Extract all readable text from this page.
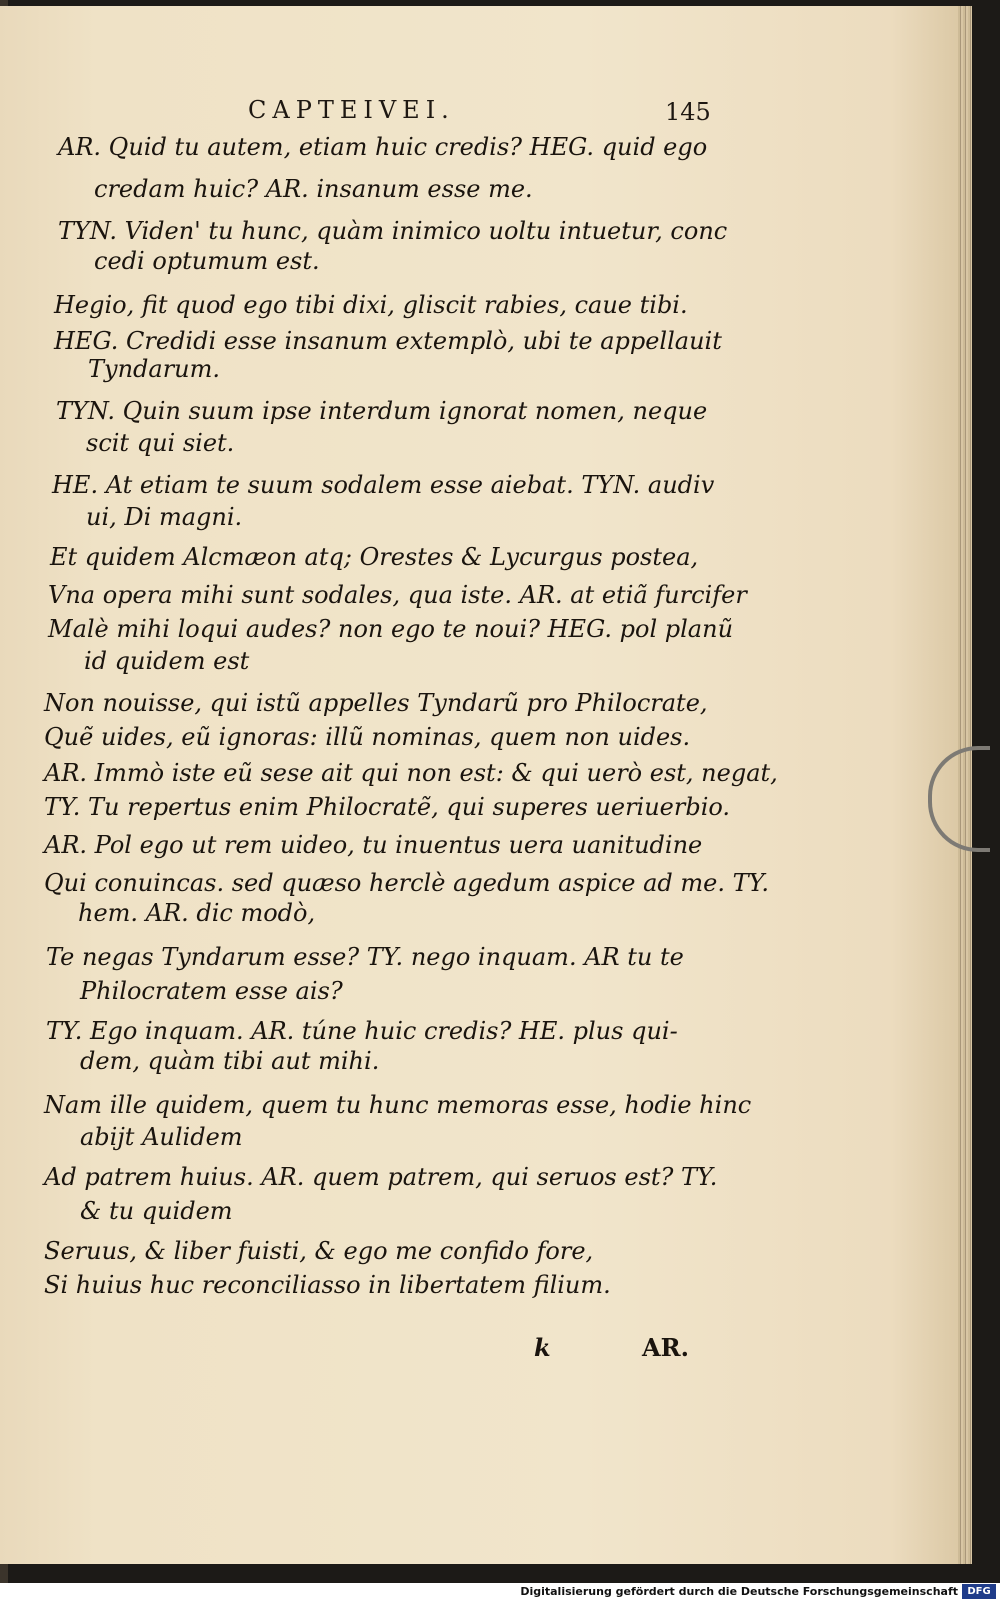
CAPTEIVEI.	145
AR. Quid tu autem, etiam huic credis? HEG. quid ego
credam huic? AR. insanum esse me.
TYN. Viden' tu hunc, quàm inimico uoltu intuetur, conc
cedi optumum est.
Hegio, fit quod ego tibi dixi, gliscit rabies, caue tibi.
HEG. Credidi esse insanum extemplò, ubi te appellauit
Tyndarum.
TYN. Quin suum ipse interdum ignorat nomen, neque
scit qui siet.
HE. At etiam te suum sodalem esse aiebat. TYN. audiv
ui, Di magni.
Et quidem Alcmæon atq; Orestes & Lycurgus postea,
Vna opera mihi sunt sodales, qua iste. AR. at etiã furcifer
Malè mihi loqui audes? non ego te noui? HEG. pol planũ
id quidem est
Non nouisse, qui istũ appelles Tyndarũ pro Philocrate,
Quẽ uides, eũ ignoras: illũ nominas, quem non uides.
AR. Immò iste eũ sese ait qui non est: & qui uerò est, negat,
TY. Tu repertus enim Philocratẽ, qui superes ueriuerbio.
AR. Pol ego ut rem uideo, tu inuentus uera uanitudine
Qui conuincas. sed quæso herclè agedum aspice ad me. TY.
hem. AR. dic modò,
Te negas Tyndarum esse? TY. nego inquam. AR tu te
Philocratem esse ais?
TY. Ego inquam. AR. túne huic credis? HE. plus qui-
dem, quàm tibi aut mihi.
Nam ille quidem, quem tu hunc memoras esse, hodie hinc
abijt Aulidem
Ad patrem huius. AR. quem patrem, qui seruos est? TY.
& tu quidem
Seruus, & liber fuisti, & ego me confido fore,
Si huius huc reconciliasso in libertatem filium.
k	AR.
Digitalisierung gefördert durch die Deutsche Forschungsgemeinschaft DFG
